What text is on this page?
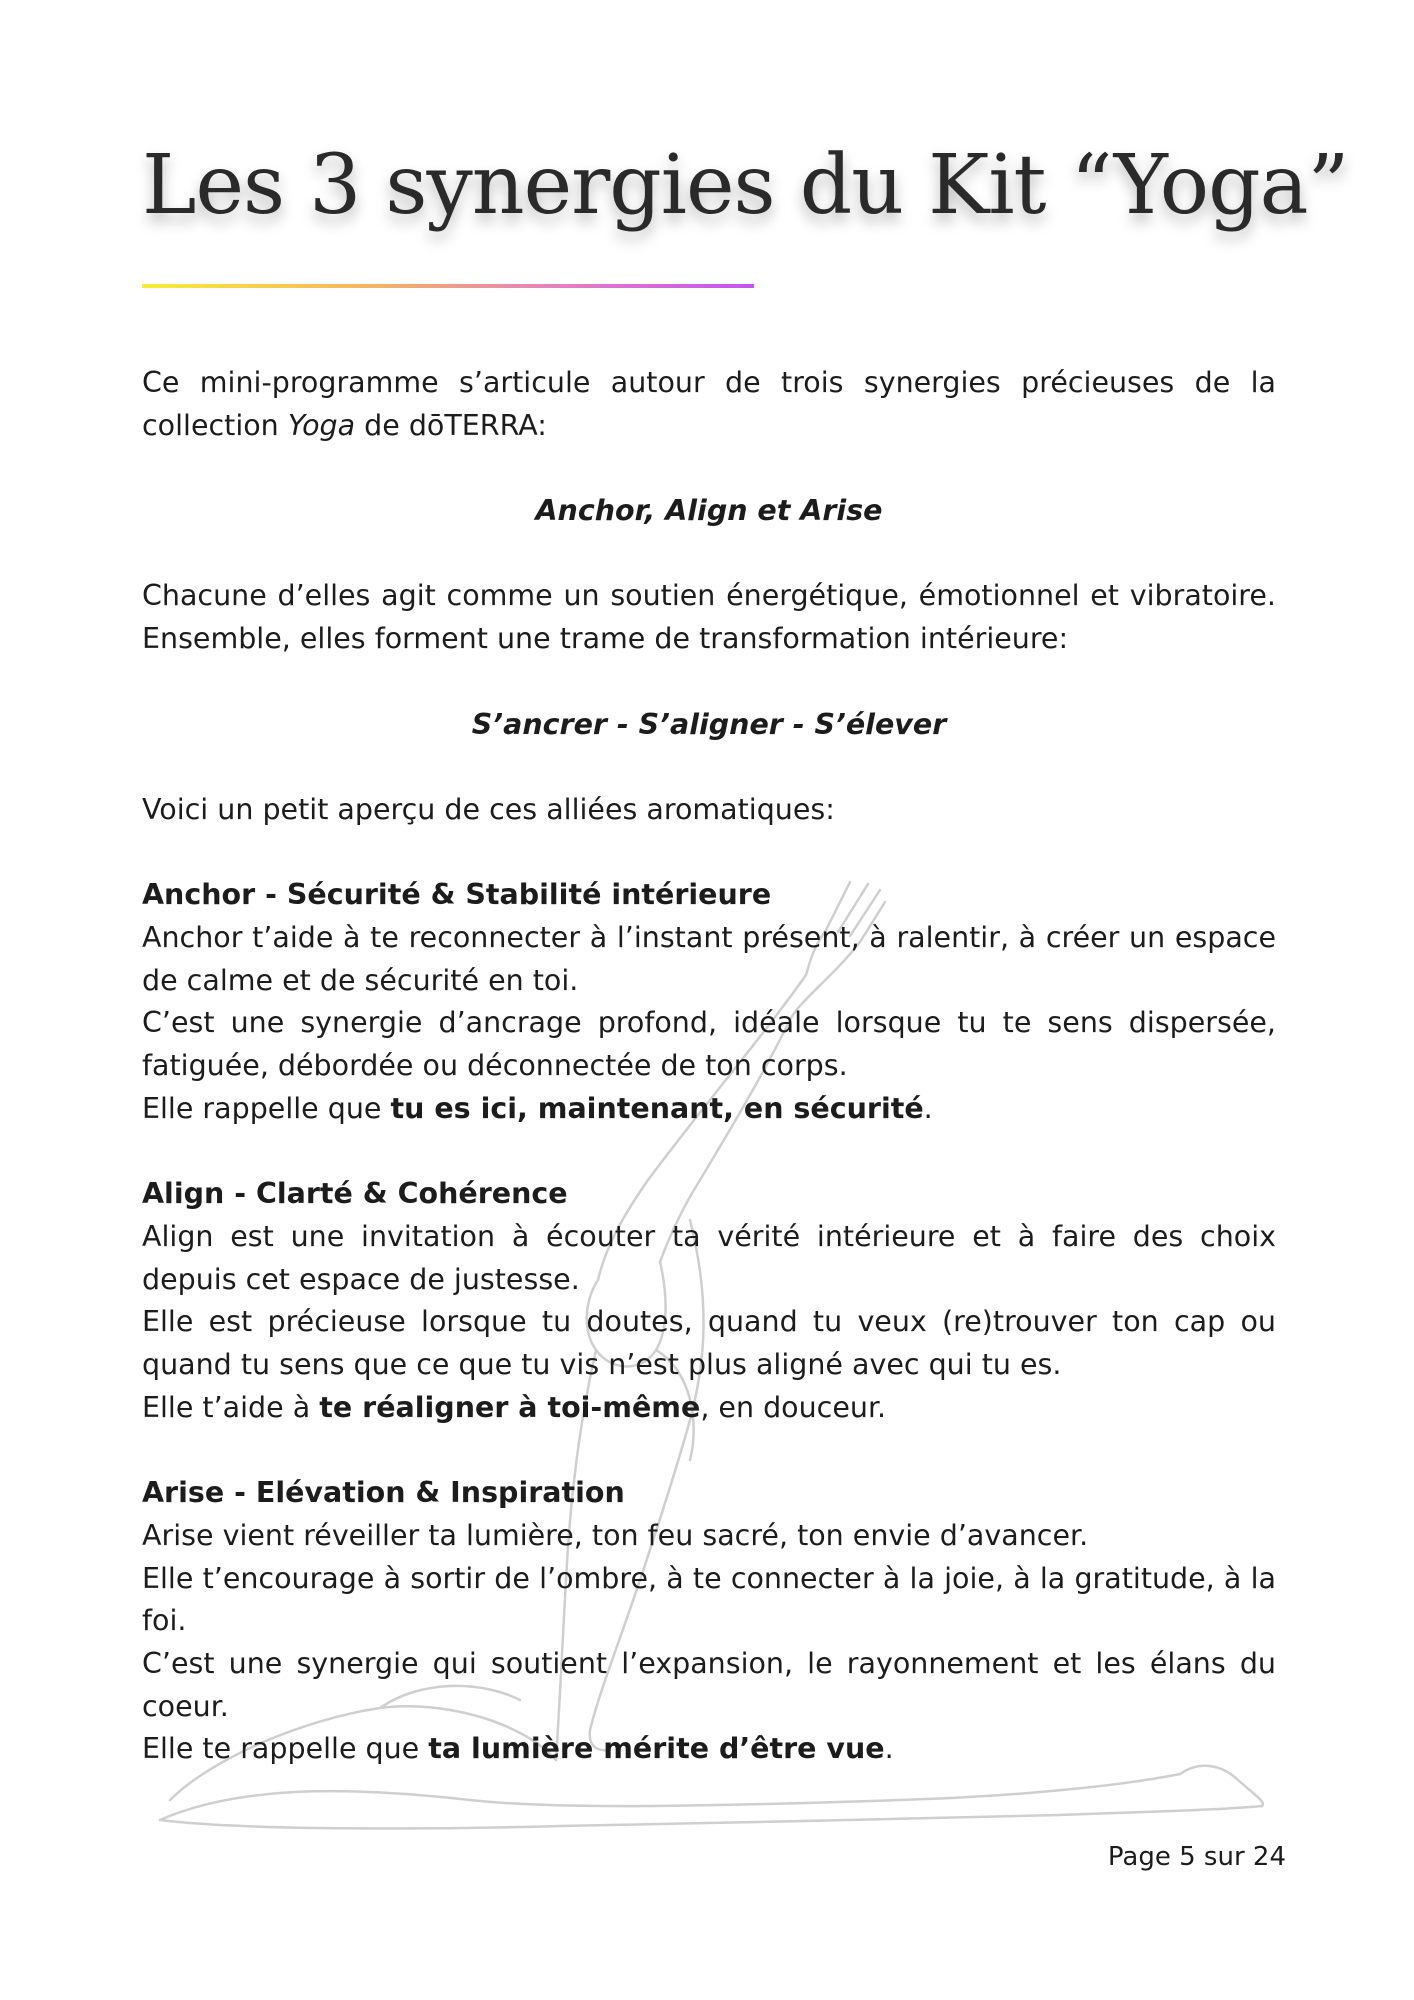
Les 3 synergies du Kit “Yoga”

Ce mini-programme s’articule autour de trois synergies précieuses de la collection Yoga de dōTERRA:

Anchor, Align et Arise

Chacune d’elles agit comme un soutien énergétique, émotionnel et vibratoire. Ensemble, elles forment une trame de transformation intérieure:

S’ancrer - S’aligner - S’élever

Voici un petit aperçu de ces alliées aromatiques:

Anchor - Sécurité & Stabilité intérieure

Anchor t’aide à te reconnecter à l’instant présent, à ralentir, à créer un espace de calme et de sécurité en toi.

C’est une synergie d’ancrage profond, idéale lorsque tu te sens dispersée, fatiguée, débordée ou déconnectée de ton corps.

Elle rappelle que tu es ici, maintenant, en sécurité.

Align - Clarté & Cohérence

Align est une invitation à écouter ta vérité intérieure et à faire des choix depuis cet espace de justesse.

Elle est précieuse lorsque tu doutes, quand tu veux (re)trouver ton cap ou quand tu sens que ce que tu vis n’est plus aligné avec qui tu es.

Elle t’aide à te réaligner à toi-même, en douceur.

Arise - Elévation & Inspiration

Arise vient réveiller ta lumière, ton feu sacré, ton envie d’avancer.

Elle t’encourage à sortir de l’ombre, à te connecter à la joie, à la gratitude, à la foi.

C’est une synergie qui soutient l’expansion, le rayonnement et les élans du coeur.

Elle te rappelle que ta lumière mérite d’être vue.

Page 5 sur 24
